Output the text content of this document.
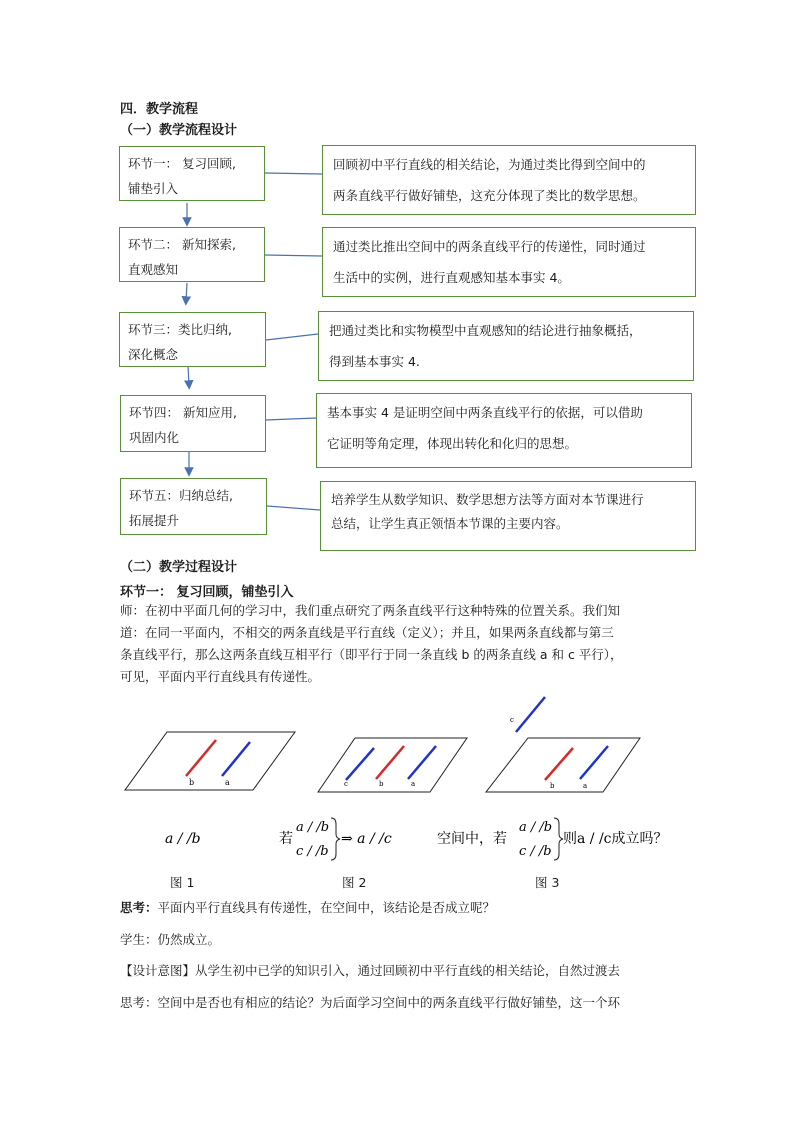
四．教学流程
（一）教学流程设计
环节一： 复习回顾,
铺垫引入
环节二： 新知探索,
直观感知
环节三：类比归纳,
深化概念
环节四： 新知应用,
巩固内化
环节五：归纳总结,
拓展提升
回顾初中平行直线的相关结论，为通过类比得到空间中的
两条直线平行做好铺垫，这充分体现了类比的数学思想。
通过类比推出空间中的两条直线平行的传递性，同时通过
生活中的实例，进行直观感知基本事实 4。
把通过类比和实物模型中直观感知的结论进行抽象概括，
得到基本事实 4.
基本事实 4 是证明空间中两条直线平行的依据，可以借助
它证明等角定理，体现出转化和化归的思想。
培养学生从数学知识、数学思想方法等方面对本节课进行
总结，让学生真正领悟本节课的主要内容。
（二）教学过程设计
环节一： 复习回顾，铺垫引入
师：在初中平面几何的学习中，我们重点研究了两条直线平行这种特殊的位置关系。我们知
道：在同一平面内，不相交的两条直线是平行直线（定义）；并且，如果两条直线都与第三
条直线平行，那么这两条直线互相平行（即平行于同一条直线 b 的两条直线 a 和 c 平行），
可见，平面内平行直线具有传递性。
b	a	c	b	a
c
b	a
a / /b	若
a / /b
c / /b
⇒ a / /c	空间中，若
a / /b
c / /b
则a / /c成立吗？
图 1	图 2	图 3
思考：平面内平行直线具有传递性，在空间中，该结论是否成立呢？
学生：仍然成立。
【设计意图】从学生初中已学的知识引入，通过回顾初中平行直线的相关结论，自然过渡去
思考：空间中是否也有相应的结论？为后面学习空间中的两条直线平行做好铺垫，这一个环
